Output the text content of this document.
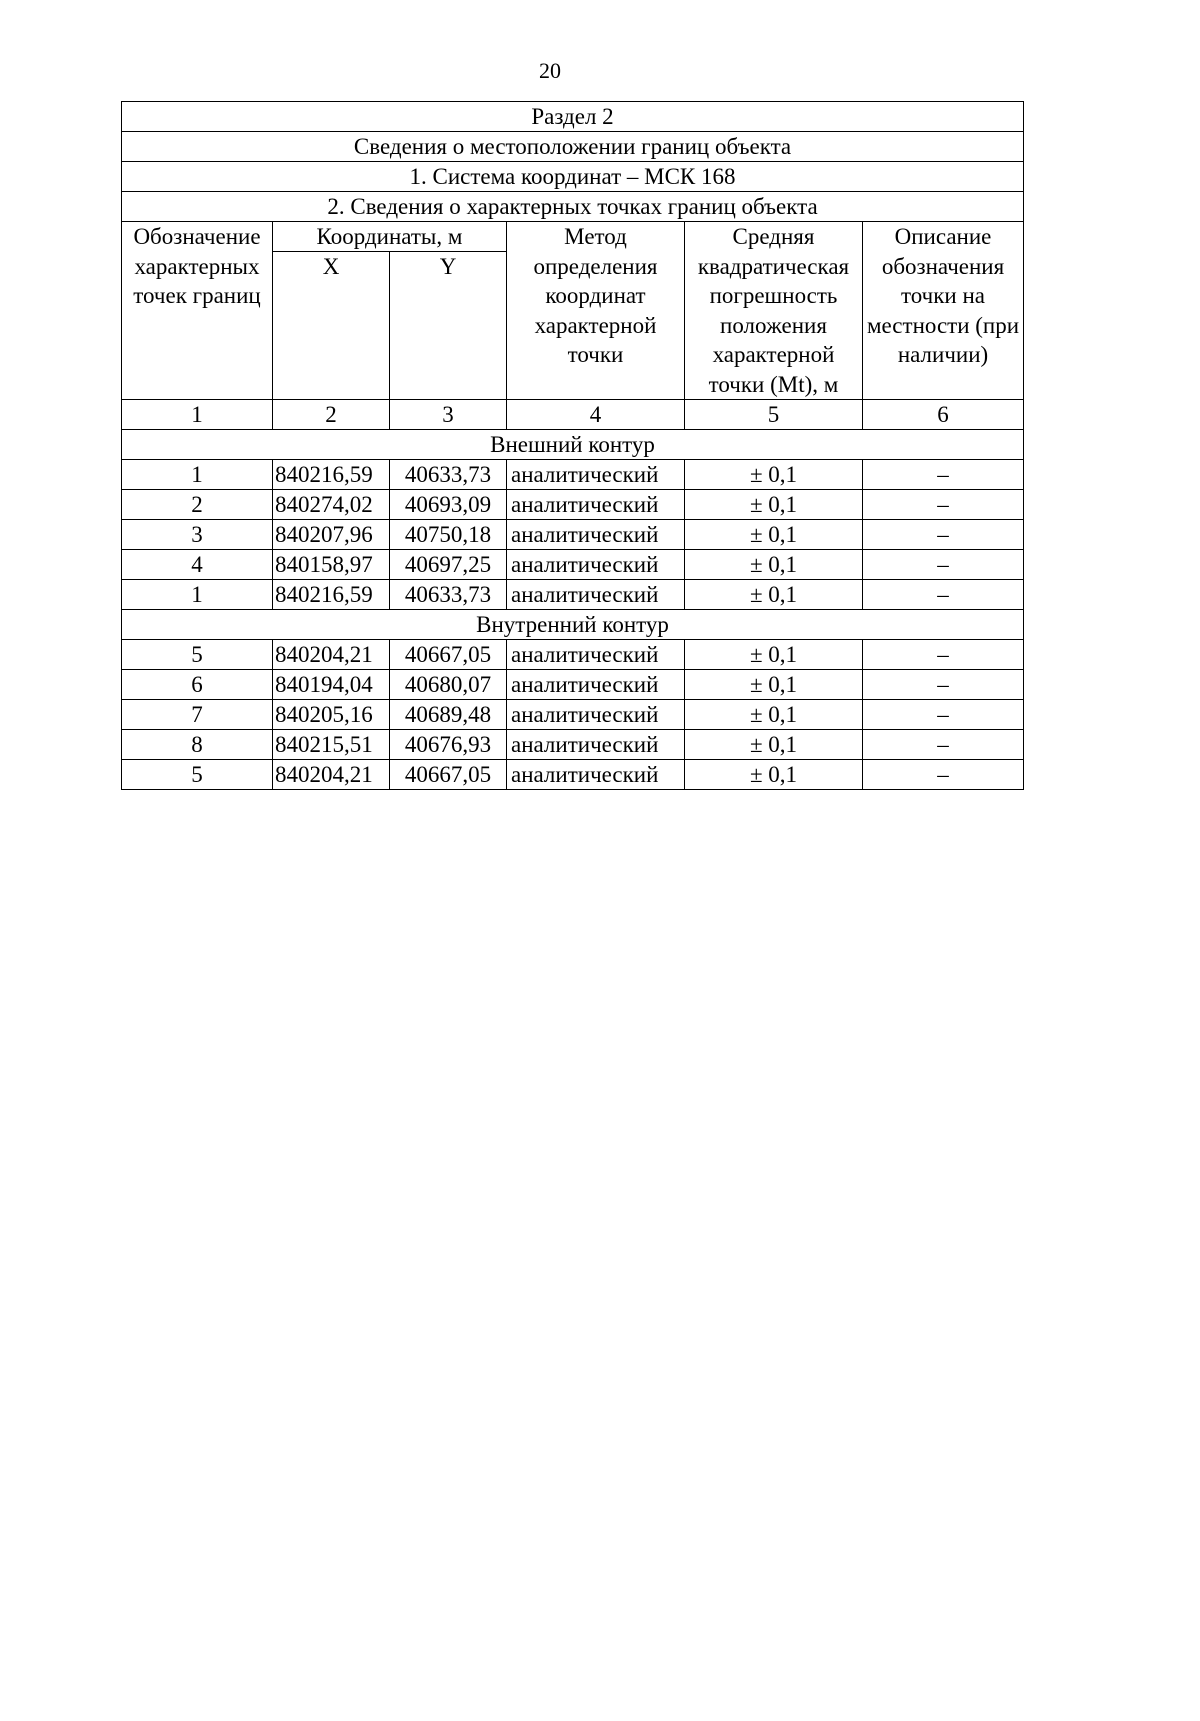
20
Раздел 2					
Сведения о местоположении границ объекта					
1. Система координат – МСК 168					
2. Сведения о характерных точках границ объекта					
Обозначение характерных точек границ	Координаты, м		Метод определения координат характерной точки	Средняя квадратическая погрешность положения характерной точки (Mt), м	Описание обозначения точки на местности (при наличии)
	X	Y			
1	2	3	4	5	6
Внешний контур					
1	840216,59	40633,73	аналитический	± 0,1	–
2	840274,02	40693,09	аналитический	± 0,1	–
3	840207,96	40750,18	аналитический	± 0,1	–
4	840158,97	40697,25	аналитический	± 0,1	–
1	840216,59	40633,73	аналитический	± 0,1	–
Внутренний контур					
5	840204,21	40667,05	аналитический	± 0,1	–
6	840194,04	40680,07	аналитический	± 0,1	–
7	840205,16	40689,48	аналитический	± 0,1	–
8	840215,51	40676,93	аналитический	± 0,1	–
5	840204,21	40667,05	аналитический	± 0,1	–
